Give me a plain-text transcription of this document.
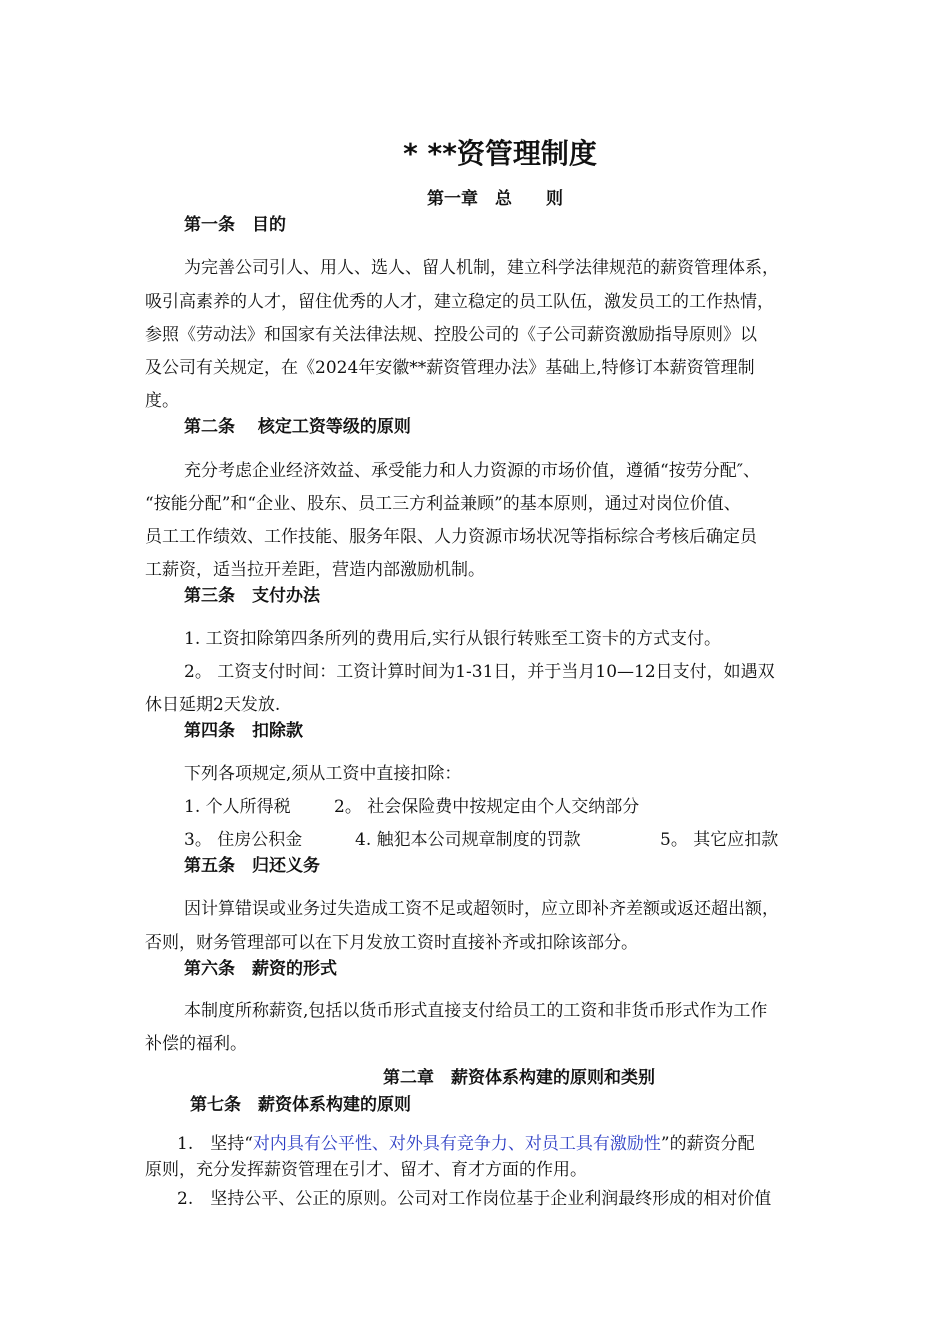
* **资管理制度
第一章　总　　则
第一条　目的
为完善公司引人、用人、选人、留人机制，建立科学法律规范的薪资管理体系，
吸引高素养的人才，留住优秀的人才，建立稳定的员工队伍，激发员工的工作热情，
参照《劳动法》和国家有关法律法规、控股公司的《子公司薪资激励指导原则》以
及公司有关规定，在《2024年安徽**薪资管理办法》基础上,特修订本薪资管理制
度。
第二条　 核定工资等级的原则
充分考虑企业经济效益、承受能力和人力资源的市场价值，遵循“按劳分配″、
“按能分配”和“企业、股东、员工三方利益兼顾”的基本原则，通过对岗位价值、
员工工作绩效、工作技能、服务年限、人力资源市场状况等指标综合考核后确定员
工薪资，适当拉开差距，营造内部激励机制。
第三条　支付办法
1. 工资扣除第四条所列的费用后,实行从银行转账至工资卡的方式支付。
2。 工资支付时间：工资计算时间为1-31日，并于当月10—12日支付，如遇双
休日延期2天发放.
第四条　扣除款
下列各项规定,须从工资中直接扣除：
1. 个人所得税	2。 社会保险费中按规定由个人交纳部分
3。 住房公积金	4. 触犯本公司规章制度的罚款	5。 其它应扣款
第五条　归还义务
因计算错误或业务过失造成工资不足或超领时，应立即补齐差额或返还超出额，
否则，财务管理部可以在下月发放工资时直接补齐或扣除该部分。
第六条　薪资的形式
本制度所称薪资,包括以货币形式直接支付给员工的工资和非货币形式作为工作
补偿的福利。
第二章　薪资体系构建的原则和类别
第七条　薪资体系构建的原则
1.　坚持“对内具有公平性、对外具有竞争力、对员工具有激励性”的薪资分配
原则，充分发挥薪资管理在引才、留才、育才方面的作用。
2.　坚持公平、公正的原则。公司对工作岗位基于企业利润最终形成的相对价值
